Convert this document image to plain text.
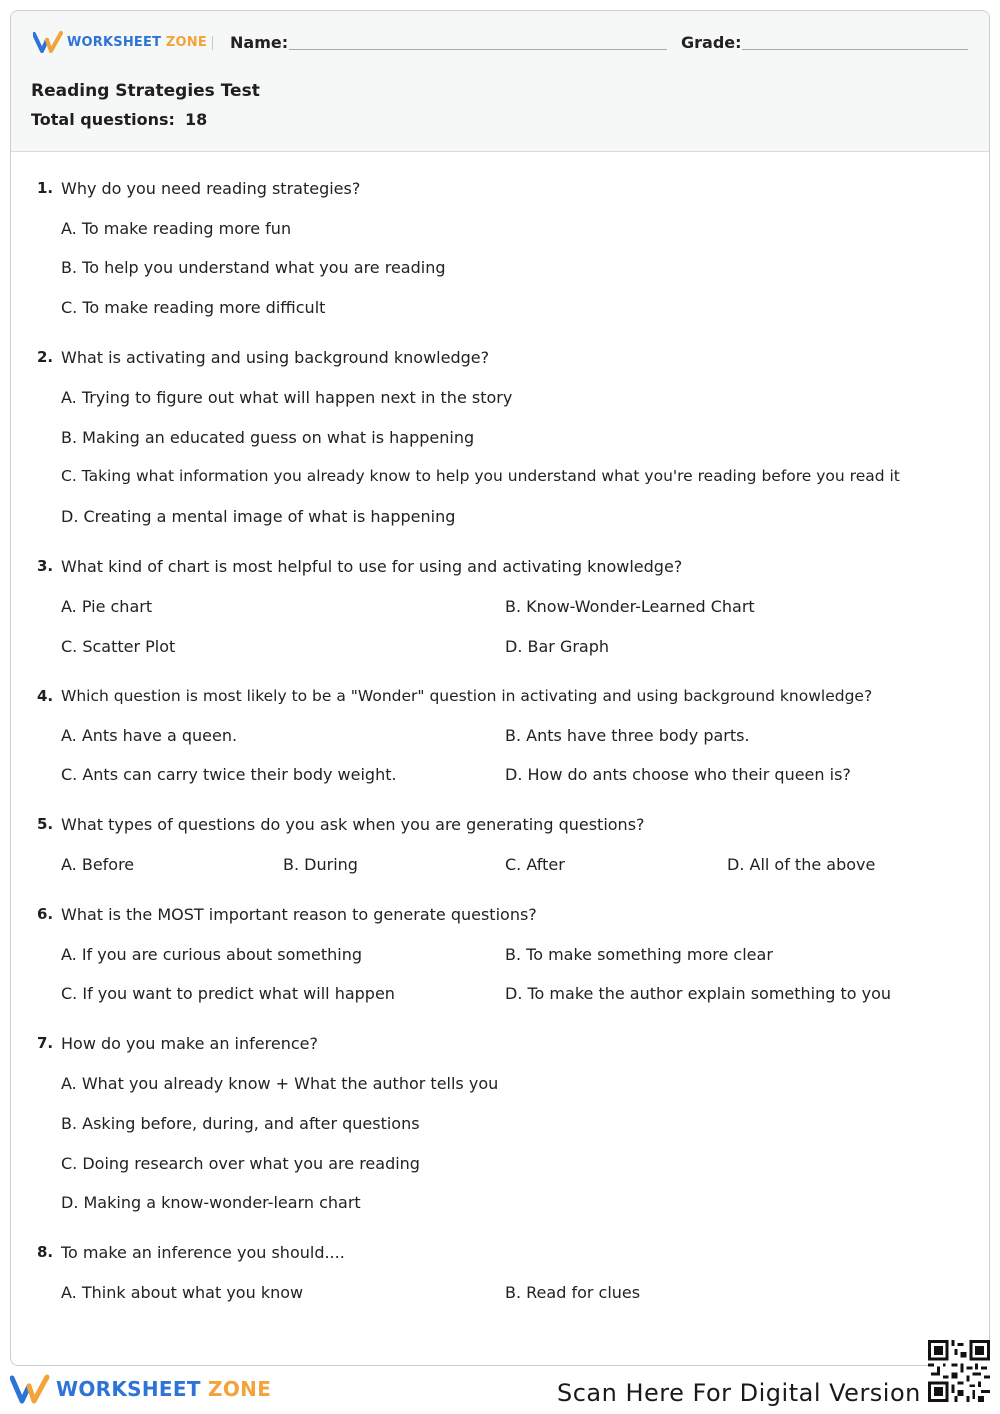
WORKSHEET ZONE Name:	Grade:
Reading Strategies Test
Total questions: 18
1. Why do you need reading strategies?
A. To make reading more fun
B. To help you understand what you are reading
C. To make reading more difficult
2. What is activating and using background knowledge?
A. Trying to figure out what will happen next in the story
B. Making an educated guess on what is happening
C. Taking what information you already know to help you understand what you're reading before you read it
D. Creating a mental image of what is happening
3. What kind of chart is most helpful to use for using and activating knowledge?
A. Pie chart	B. Know-Wonder-Learned Chart
C. Scatter Plot	D. Bar Graph
4. Which question is most likely to be a "Wonder" question in activating and using background knowledge?
A. Ants have a queen.	B. Ants have three body parts.
C. Ants can carry twice their body weight.	D. How do ants choose who their queen is?
5. What types of questions do you ask when you are generating questions?
A. Before	B. During	C. After	D. All of the above
6. What is the MOST important reason to generate questions?
A. If you are curious about something	B. To make something more clear
C. If you want to predict what will happen	D. To make the author explain something to you
7. How do you make an inference?
A. What you already know + What the author tells you
B. Asking before, during, and after questions
C. Doing research over what you are reading
D. Making a know-wonder-learn chart
8. To make an inference you should....
A. Think about what you know	B. Read for clues
WORKSHEET ZONE	Scan Here For Digital Version
